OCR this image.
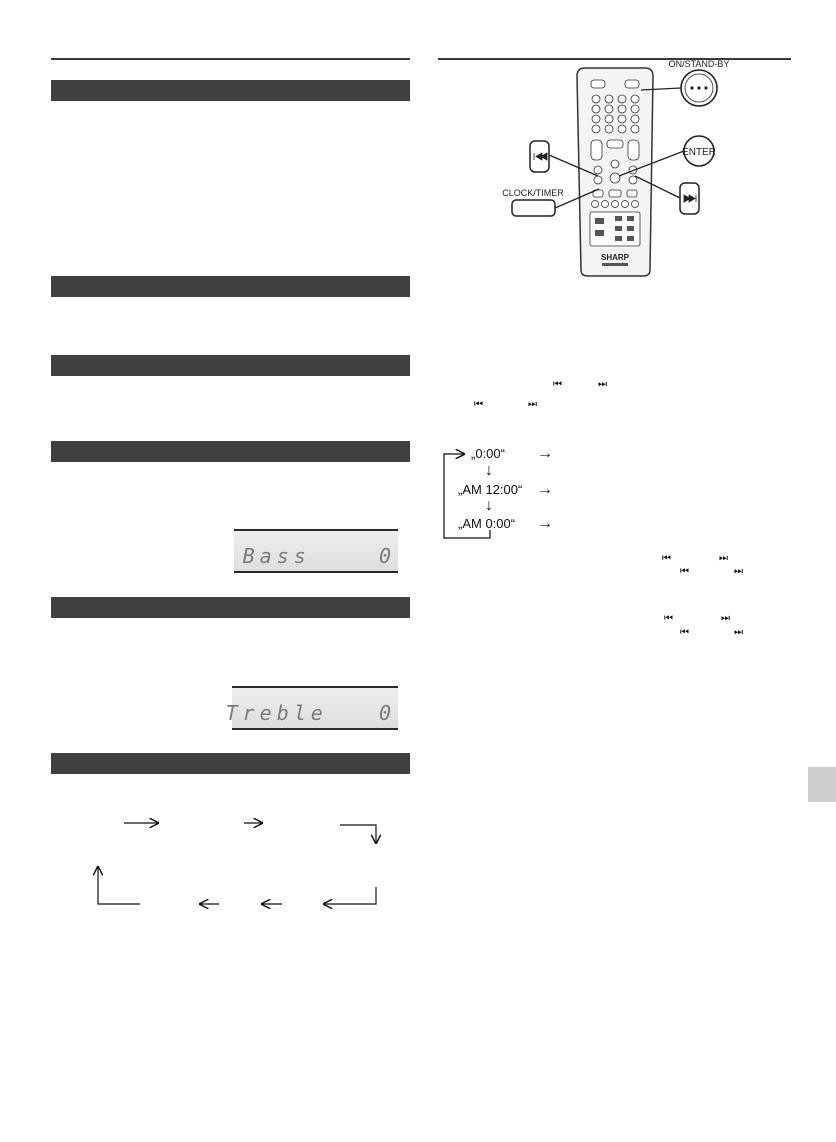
Bass    0
Treble   0
SHARP
ON/STAND-BY
ENTER
CLOCK/TIMER
⏮	⏭
⏮	⏭
„0:00“ →
↓
„AM 12:00“ →
↓
„AM 0:00“ →
⏮	⏭
⏮	⏭
⏮	⏭
⏮	⏭
